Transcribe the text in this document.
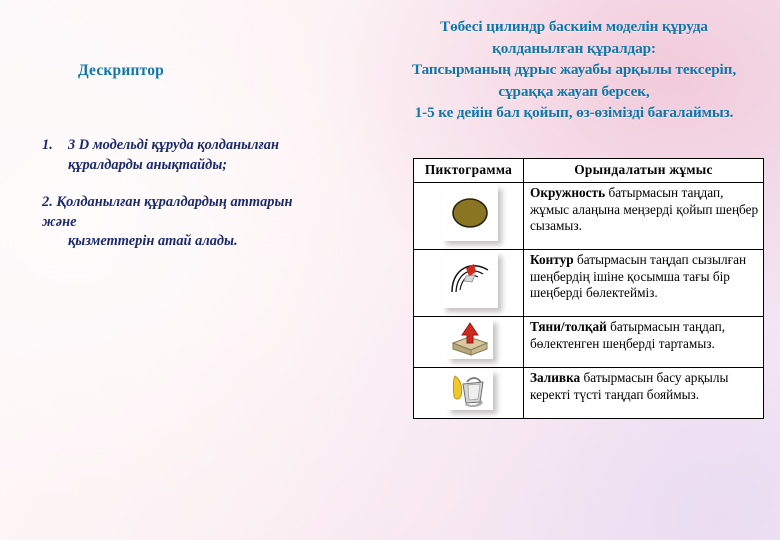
Төбесі цилиндр баскиім моделін құруда
қолданылған құралдар:
Тапсырманың дұрыс жауабы арқылы тексеріп,
сұраққа жауап берсек,
1-5 ке дейін бал қойып, өз-өзімізді бағалаймыз.
Дескриптор
1. 3 D модельді құруда қолданылған
құралдарды анықтайды;
2. Қолданылған құралдардың аттарын
және
қызметтерін атай алады.
Пиктограмма	Орындалатын жұмыс

	Окружность батырмасын таңдап, жұмыс алаңына меңзерді қойып шеңбер сызамыз.

	Контур батырмасын таңдап сызылған шеңбердің ішіне қосымша тағы бір шеңберді бөлектейміз.

	Тяни/толқай батырмасын таңдап, бөлектенген шеңберді тартамыз.

	Заливка батырмасын басу арқылы керекті түсті таңдап бояймыз.
